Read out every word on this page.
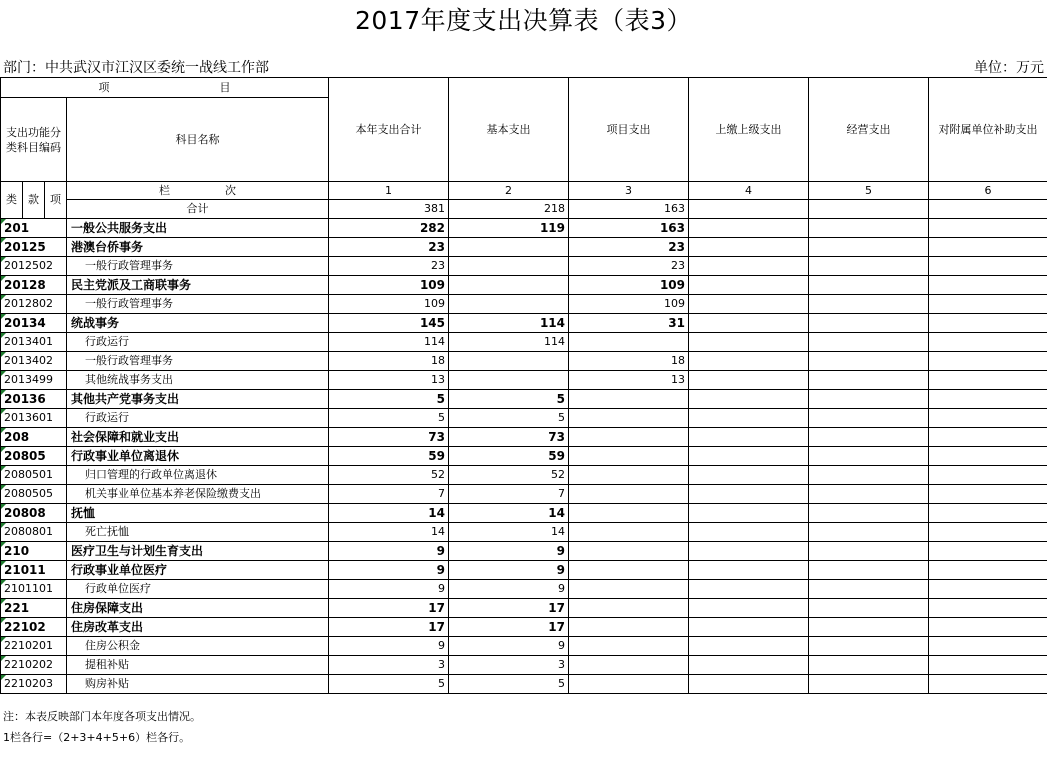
2017年度支出决算表（表3）
部门：中共武汉市江汉区委统一战线工作部	单位：万元
项　　　　　　　　　　目				本年支出合计	基本支出	项目支出	上缴上级支出	经营支出	对附属单位补助支出
支出功能分类科目编码			科目名称						
类	款	项	栏　　　　　次	1	2	3	4	5	6
			合计	381	218	163			
201			一般公共服务支出	282	119	163			
20125			港澳台侨事务	23		23			
2012502			一般行政管理事务	23		23			
20128			民主党派及工商联事务	109		109			
2012802			一般行政管理事务	109		109			
20134			统战事务	145	114	31			
2013401			行政运行	114	114				
2013402			一般行政管理事务	18		18			
2013499			其他统战事务支出	13		13			
20136			其他共产党事务支出	5	5				
2013601			行政运行	5	5				
208			社会保障和就业支出	73	73				
20805			行政事业单位离退休	59	59				
2080501			归口管理的行政单位离退休	52	52				
2080505			机关事业单位基本养老保险缴费支出	7	7				
20808			抚恤	14	14				
2080801			死亡抚恤	14	14				
210			医疗卫生与计划生育支出	9	9				
21011			行政事业单位医疗	9	9				
2101101			行政单位医疗	9	9				
221			住房保障支出	17	17				
22102			住房改革支出	17	17				
2210201			住房公积金	9	9				
2210202			提租补贴	3	3				
2210203			购房补贴	5	5				
注：本表反映部门本年度各项支出情况。
1栏各行=（2+3+4+5+6）栏各行。
